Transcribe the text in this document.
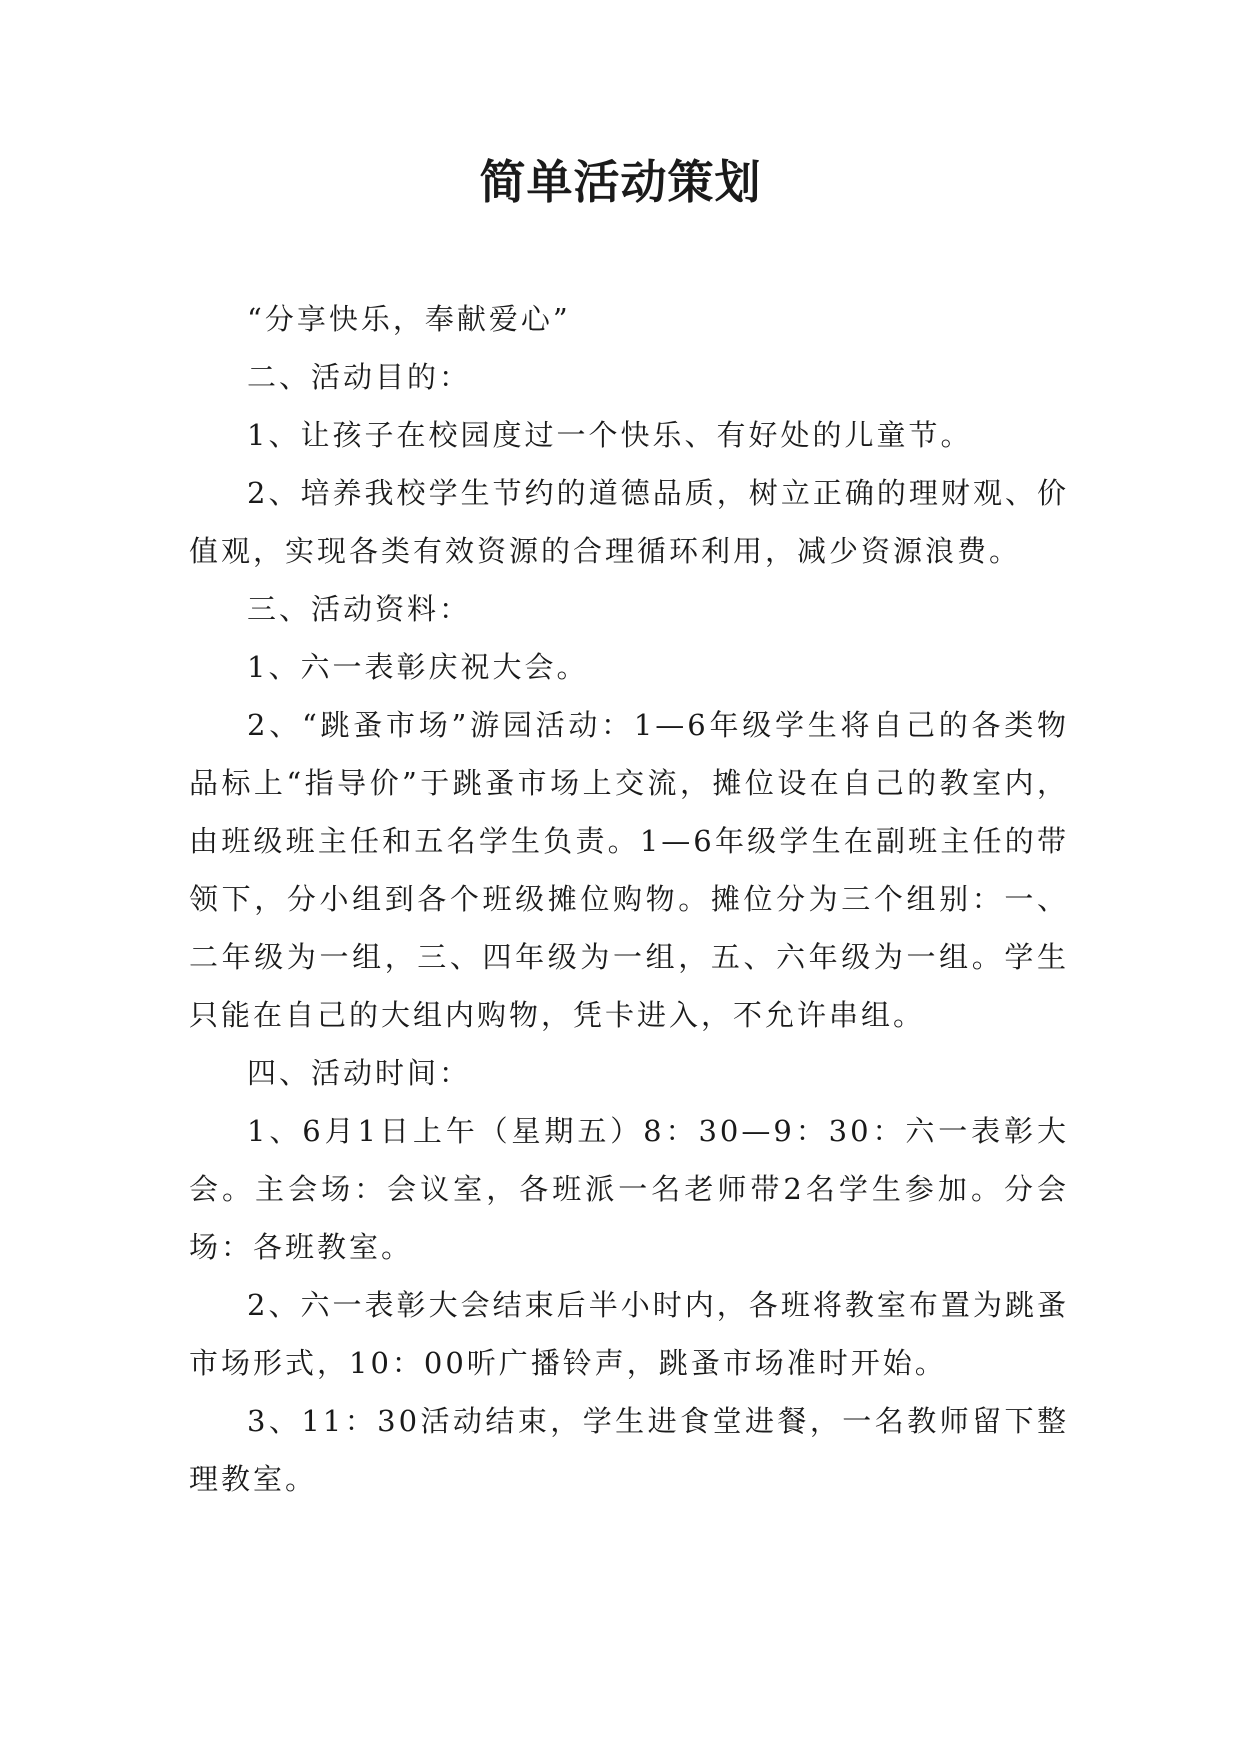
简单活动策划

“分享快乐，奉献爱心”

二、活动目的：

1、让孩子在校园度过一个快乐、有好处的儿童节。

2、培养我校学生节约的道德品质，树立正确的理财观、价值观，实现各类有效资源的合理循环利用，减少资源浪费。

三、活动资料：

1、六一表彰庆祝大会。

2、“跳蚤市场”游园活动：1—6年级学生将自己的各类物品标上“指导价”于跳蚤市场上交流，摊位设在自己的教室内，由班级班主任和五名学生负责。1—6年级学生在副班主任的带领下，分小组到各个班级摊位购物。摊位分为三个组别：一、二年级为一组，三、四年级为一组，五、六年级为一组。学生只能在自己的大组内购物，凭卡进入，不允许串组。

四、活动时间：

1、6月1日上午（星期五）8：30—9：30：六一表彰大会。主会场：会议室，各班派一名老师带2名学生参加。分会场：各班教室。

2、六一表彰大会结束后半小时内，各班将教室布置为跳蚤市场形式，10：00听广播铃声，跳蚤市场准时开始。

3、11：30活动结束，学生进食堂进餐，一名教师留下整理教室。
